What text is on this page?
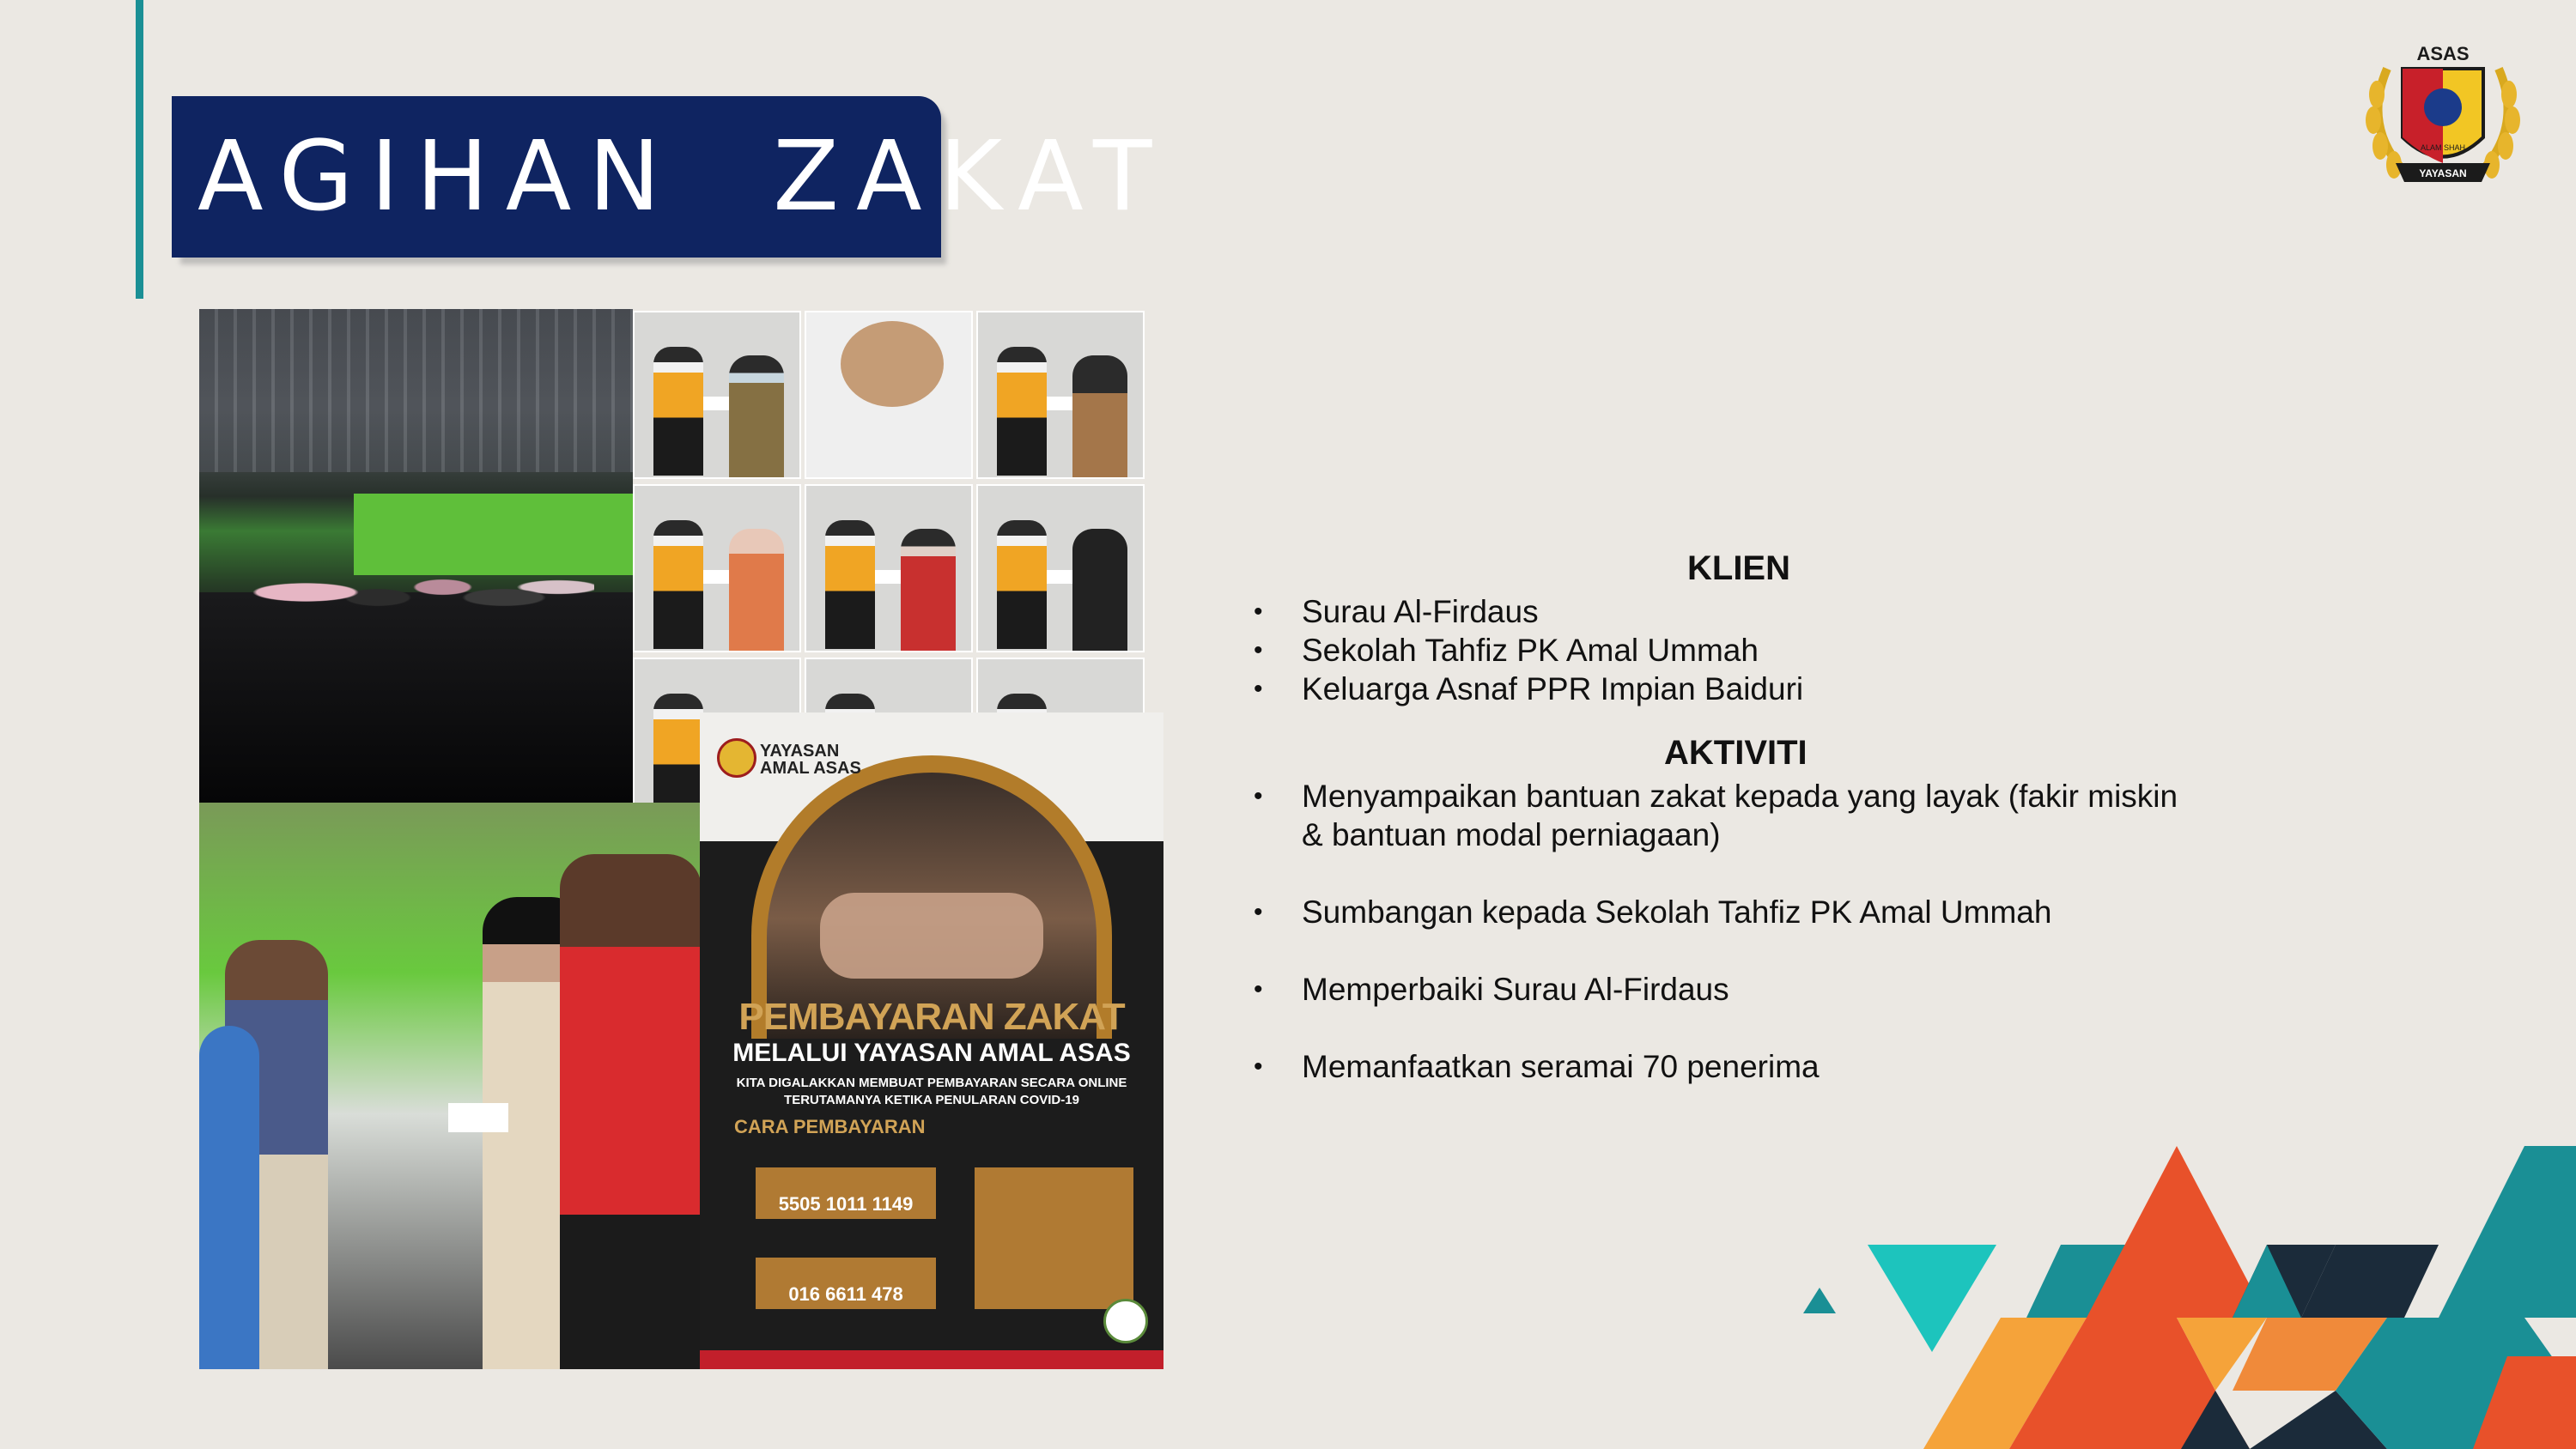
AGIHAN  ZAKAT
ASAS
ALAM SHAH
YAYASAN
YAYASAN
AMAL ASAS
PEMBAYARAN ZAKAT
MELALUI YAYASAN AMAL ASAS
KITA DIGALAKKAN MEMBUAT PEMBAYARAN SECARA ONLINE TERUTAMANYA KETIKA PENULARAN COVID-19
CARA PEMBAYARAN
5505 1011 1149
016 6611 478
KLIEN
• Surau Al-Firdaus
• Sekolah Tahfiz PK Amal Ummah
• Keluarga Asnaf PPR Impian Baiduri
AKTIVITI
• Menyampaikan bantuan zakat kepada yang layak (fakir miskin & bantuan modal perniagaan)
• Sumbangan kepada Sekolah Tahfiz PK Amal Ummah
• Memperbaiki Surau Al-Firdaus
• Memanfaatkan seramai 70 penerima
